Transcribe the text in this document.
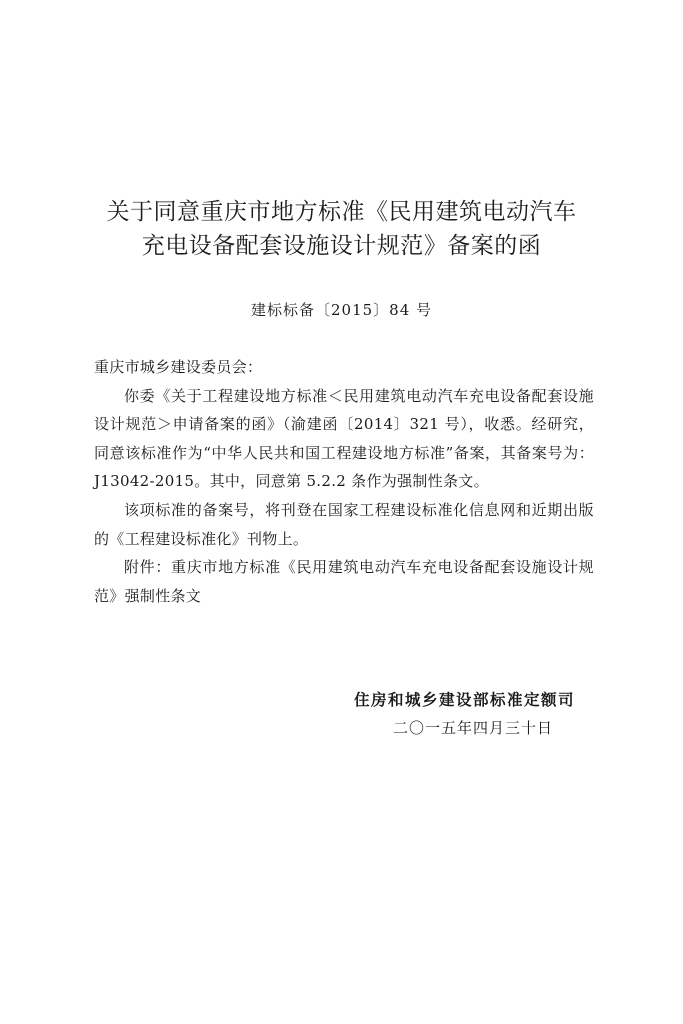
关于同意重庆市地方标准《民用建筑电动汽车
充电设备配套设施设计规范》备案的函
建标标备〔2015〕84 号

重庆市城乡建设委员会：

你委《关于工程建设地方标准＜民用建筑电动汽车充电设备配套设施设计规范＞申请备案的函》（渝建函〔2014〕321 号），收悉。经研究，同意该标准作为“中华人民共和国工程建设地方标准”备案，其备案号为：J13042-2015。其中，同意第 5.2.2 条作为强制性条文。

该项标准的备案号，将刊登在国家工程建设标准化信息网和近期出版的《工程建设标准化》刊物上。

附件：重庆市地方标准《民用建筑电动汽车充电设备配套设施设计规范》强制性条文

住房和城乡建设部标准定额司
二〇一五年四月三十日
